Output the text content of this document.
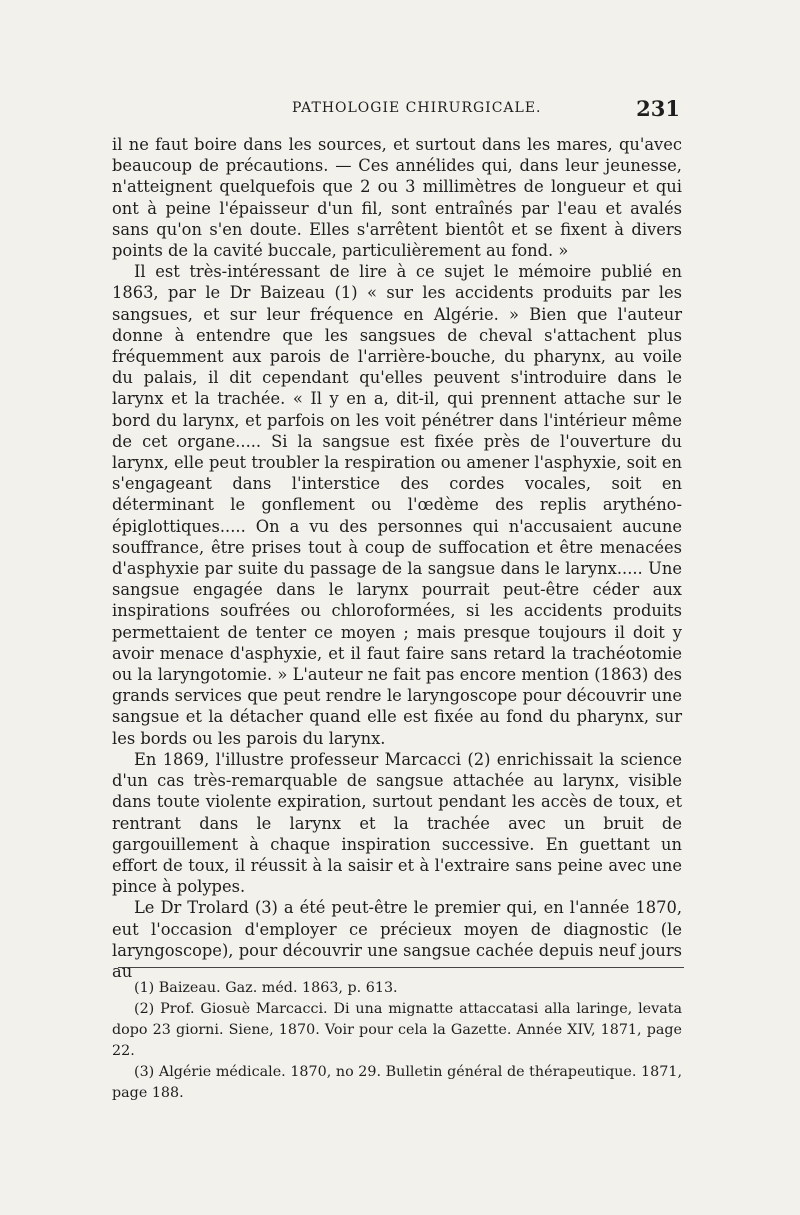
PATHOLOGIE CHIRURGICALE.	231

il ne faut boire dans les sources, et surtout dans les mares, qu'avec beaucoup de précautions. — Ces annélides qui, dans leur jeunesse, n'atteignent quelquefois que 2 ou 3 millimètres de longueur et qui ont à peine l'épaisseur d'un fil, sont entraînés par l'eau et avalés sans qu'on s'en doute. Elles s'arrêtent bientôt et se fixent à divers points de la cavité buccale, particulièrement au fond. »

Il est très-intéressant de lire à ce sujet le mémoire publié en 1863, par le Dr Baizeau (1) « sur les accidents produits par les sangsues, et sur leur fréquence en Algérie. » Bien que l'auteur donne à entendre que les sangsues de cheval s'attachent plus fréquemment aux parois de l'arrière-bouche, du pharynx, au voile du palais, il dit cependant qu'elles peuvent s'introduire dans le larynx et la trachée. « Il y en a, dit-il, qui prennent attache sur le bord du larynx, et parfois on les voit pénétrer dans l'intérieur même de cet organe..... Si la sangsue est fixée près de l'ouverture du larynx, elle peut troubler la respiration ou amener l'asphyxie, soit en s'engageant dans l'interstice des cordes vocales, soit en déterminant le gonflement ou l'œdème des replis arythéno-épiglottiques..... On a vu des personnes qui n'accusaient aucune souffrance, être prises tout à coup de suffocation et être menacées d'asphyxie par suite du passage de la sangsue dans le larynx..... Une sangsue engagée dans le larynx pourrait peut-être céder aux inspirations soufrées ou chloroformées, si les accidents produits permettaient de tenter ce moyen ; mais presque toujours il doit y avoir menace d'asphyxie, et il faut faire sans retard la trachéotomie ou la laryngotomie. » L'auteur ne fait pas encore mention (1863) des grands services que peut rendre le laryngoscope pour découvrir une sangsue et la détacher quand elle est fixée au fond du pharynx, sur les bords ou les parois du larynx.

En 1869, l'illustre professeur Marcacci (2) enrichissait la science d'un cas très-remarquable de sangsue attachée au larynx, visible dans toute violente expiration, surtout pendant les accès de toux, et rentrant dans le larynx et la trachée avec un bruit de gargouillement à chaque inspiration successive. En guettant un effort de toux, il réussit à la saisir et à l'extraire sans peine avec une pince à polypes.

Le Dr Trolard (3) a été peut-être le premier qui, en l'année 1870, eut l'occasion d'employer ce précieux moyen de diagnostic (le laryngoscope), pour découvrir une sangsue cachée depuis neuf jours au

(1) Baizeau. Gaz. méd. 1863, p. 613.

(2) Prof. Giosuè Marcacci. Di una mignatte attaccatasi alla laringe, levata dopo 23 giorni. Siene, 1870. Voir pour cela la Gazette. Année XIV, 1871, page 22.

(3) Algérie médicale. 1870, no 29. Bulletin général de thérapeutique. 1871, page 188.
